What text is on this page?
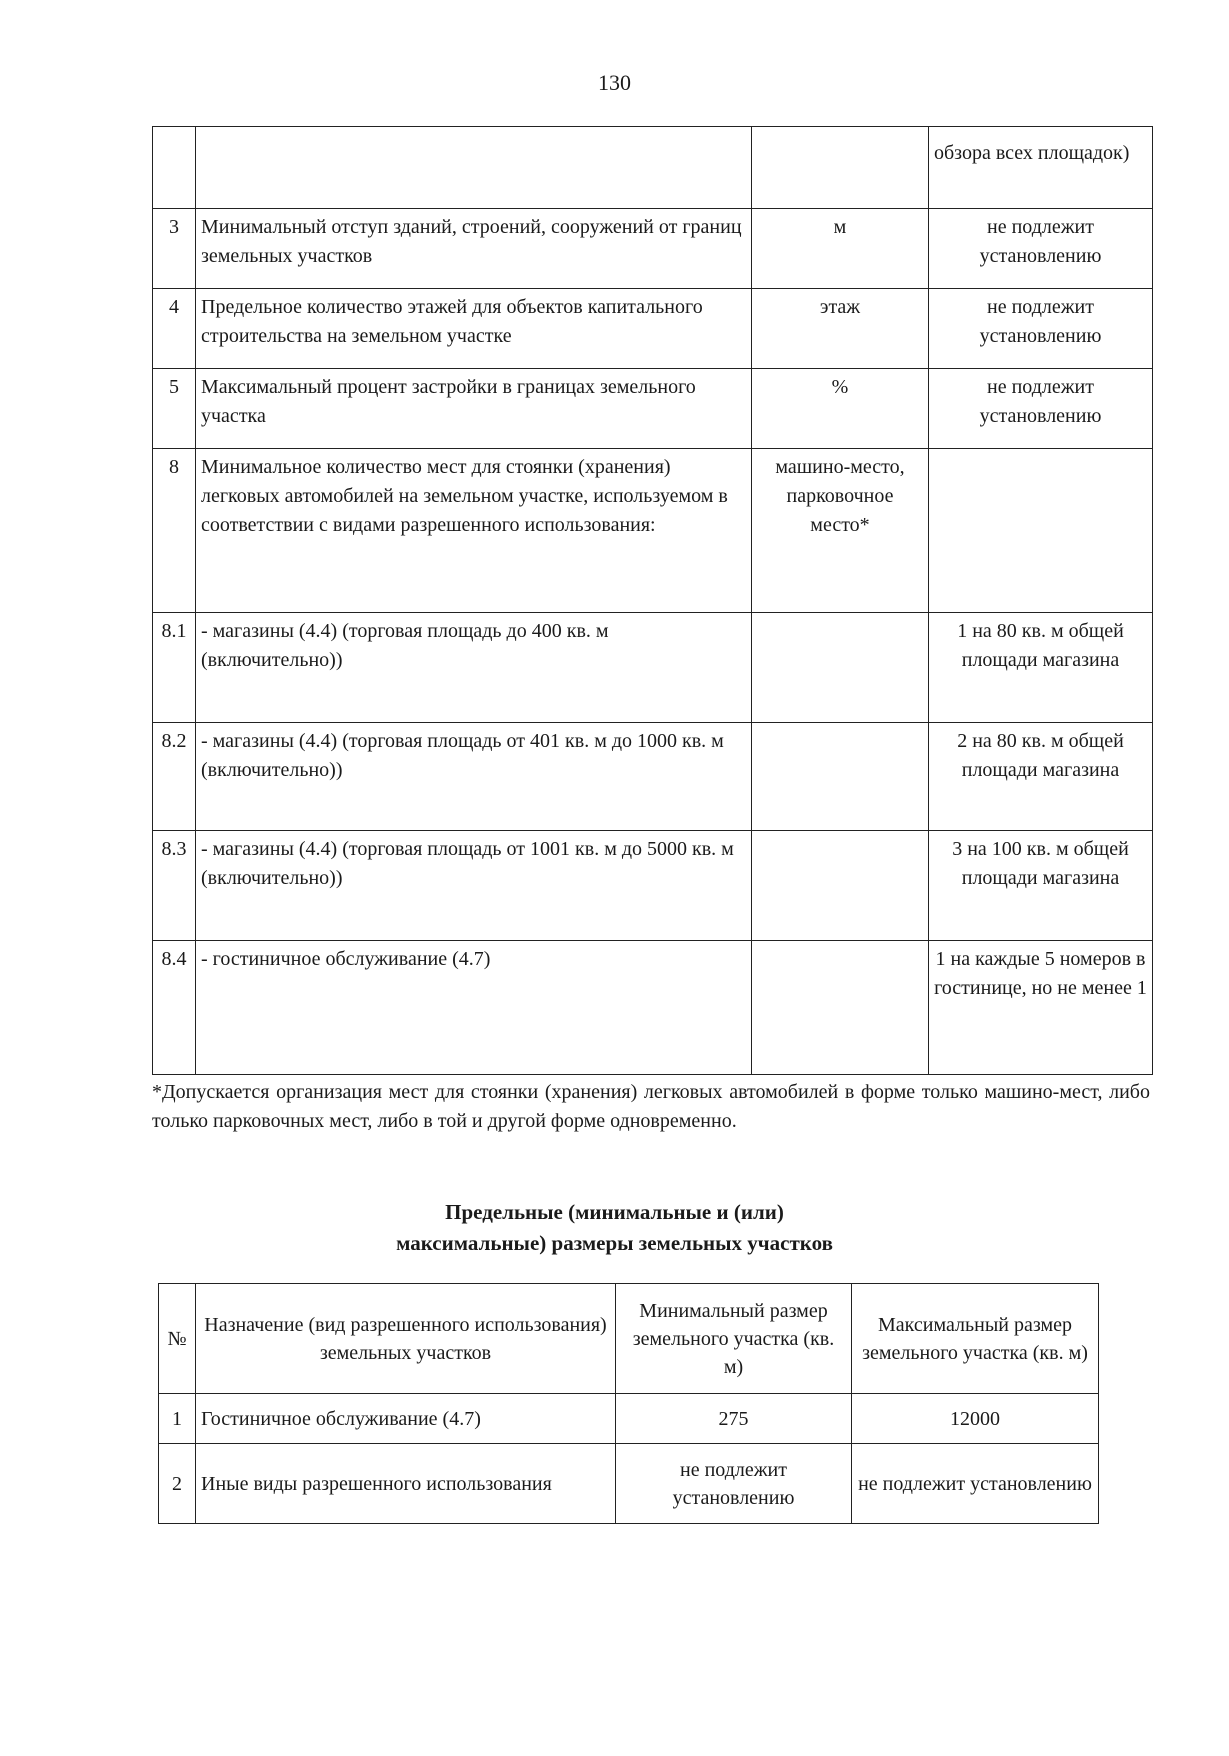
130
			обзора всех площадок)
3	Минимальный отступ зданий, строений, сооружений от границ земельных участков	м	не подлежит установлению
4	Предельное количество этажей для объектов капитального строительства на земельном участке	этаж	не подлежит установлению
5	Максимальный процент застройки в границах земельного участка	%	не подлежит установлению
8	Минимальное количество мест для стоянки (хранения) легковых автомобилей на земельном участке, используемом в соответствии с видами разрешенного использования:	машино-место, парковочное место*	
8.1	- магазины (4.4) (торговая площадь до 400 кв. м (включительно))		1 на 80 кв. м общей площади магазина
8.2	- магазины (4.4) (торговая площадь от 401 кв. м до 1000 кв. м (включительно))		2 на 80 кв. м общей площади магазина
8.3	- магазины (4.4) (торговая площадь от 1001 кв. м до 5000 кв. м (включительно))		3 на 100 кв. м общей площади магазина
8.4	- гостиничное обслуживание (4.7)		1 на каждые 5 номеров в гостинице, но не менее 1
*Допускается организация мест для стоянки (хранения) легковых автомобилей в форме только машино-мест, либо только парковочных мест, либо в той и другой форме одновременно.
Предельные (минимальные и (или)
максимальные) размеры земельных участков
№	Назначение (вид разрешенного использования) земельных участков	Минимальный размер земельного участка (кв. м)	Максимальный размер земельного участка (кв. м)
1	Гостиничное обслуживание (4.7)	275	12000
2	Иные виды разрешенного использования	не подлежит установлению	не подлежит установлению
